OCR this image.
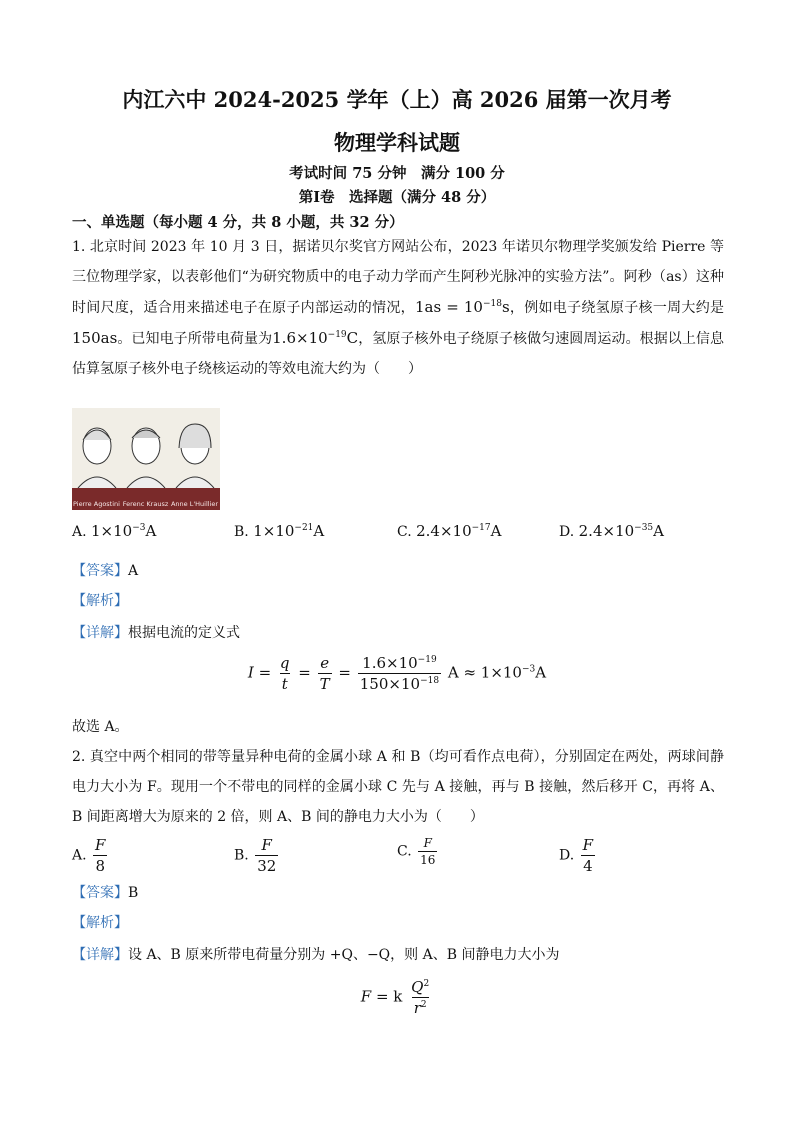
内江六中 2024-2025 学年（上）高 2026 届第一次月考
物理学科试题
考试时间 75 分钟　满分 100 分
第Ⅰ卷　选择题（满分 48 分）
一、单选题（每小题 4 分，共 8 小题，共 32 分）

1. 北京时间 2023 年 10 月 3 日，据诺贝尔奖官方网站公布，2023 年诺贝尔物理学奖颁发给 Pierre 等三位物理学家，以表彰他们“为研究物质中的电子动力学而产生阿秒光脉冲的实验方法”。阿秒（as）这种时间尺度，适合用来描述电子在原子内部运动的情况，$1as = 10^{-18}s$，例如电子绕氢原子核一周大约是150as。已知电子所带电荷量为$1.6\times 10^{-19}C$，氢原子核外电子绕原子核做匀速圆周运动。根据以上信息估算氢原子核外电子绕核运动的等效电流大约为（　　）

Pierre Agostini Ferenc Krausz Anne L'Huillier
A. $1\times 10^{-3}A$	B. $1\times 10^{-21}A$	C. $2.4\times 10^{-17}A$	D. $2.4\times 10^{-35}A$
【答案】A
【解析】
【详解】根据电流的定义式
$I = \frac{q}{t} = \frac{e}{T} = \frac{1.6\times 10^{-19}}{150\times 10^{-18}}$ $A \approx 1\times 10^{-3}A$
故选 A。

2. 真空中两个相同的带等量异种电荷的金属小球 A 和 B（均可看作点电荷），分别固定在两处，两球间静电力大小为 F。现用一个不带电的同样的金属小球 C 先与 A 接触，再与 B 接触，然后移开 C，再将 A、B 间距离增大为原来的 2 倍，则 A、B 间的静电力大小为（　　）

A. $\frac{F}{8}$	B. $\frac{F}{32}$	C. $\frac{F}{16}$	D. $\frac{F}{4}$
【答案】B
【解析】
【详解】设 A、B 原来所带电荷量分别为 +Q、−Q，则 A、B 间静电力大小为
F = k $\frac{Q^2}{r^2}$
